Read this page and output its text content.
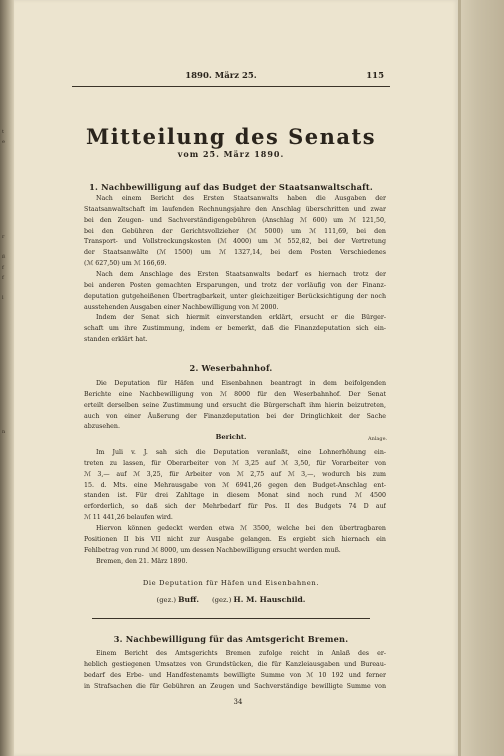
t
e
r
ß
f
f
l
n
1890. März 25.	115
Mitteilung des Senats
vom 25. März 1890.
1. Nachbewilligung auf das Budget der Staatsanwaltschaft.
Nach einem Bericht des Ersten Staatsanwalts haben die Ausgaben der
Staatsanwaltschaft im laufenden Rechnungsjahre den Anschlag überschritten und zwar
bei den Zeugen- und Sachverständigengebühren (Anschlag ℳ 600) um ℳ 121,50,
bei den Gebühren der Gerichtsvollzieher (ℳ 5000) um ℳ 111,69, bei den
Transport- und Vollstreckungskosten (ℳ 4000) um ℳ 552,82, bei der Vertretung
der Staatsanwälte (ℳ 1500) um ℳ 1327,14, bei dem Posten Verschiedenes
(ℳ 627,50) um ℳ 166,69.
Nach dem Anschlage des Ersten Staatsanwalts bedarf es hiernach trotz der
bei anderen Posten gemachten Ersparungen, und trotz der vorläufig von der Finanz-
deputation gutgeheißenen Übertragbarkeit, unter gleichzeitiger Berücksichtigung der noch
ausstehenden Ausgaben einer Nachbewilligung von ℳ 2000.
Indem der Senat sich hiermit einverstanden erklärt, ersucht er die Bürger-
schaft um ihre Zustimmung, indem er bemerkt, daß die Finanzdeputation sich ein-
standen erklärt hat.
2. Weserbahnhof.
Die Deputation für Häfen und Eisenbahnen beantragt in dem beifolgenden
Berichte eine Nachbewilligung von ℳ 8000 für den Weserbahnhof. Der Senat
erteilt derselben seine Zustimmung und ersucht die Bürgerschaft ihm hierin beizutreten,
auch von einer Äußerung der Finanzdeputation bei der Dringlichkeit der Sache
abzusehen.
Bericht.	Anlage.
Im Juli v. J. sah sich die Deputation veranlaßt, eine Lohnerhöhung ein-
treten zu lassen, für Oberarbeiter von ℳ 3,25 auf ℳ 3,50, für Vorarbeiter von
ℳ 3,— auf ℳ 3,25, für Arbeiter von ℳ 2,75 auf ℳ 3,—, wodurch bis zum
15. d. Mts. eine Mehrausgabe von ℳ 6941,26 gegen den Budget-Anschlag ent-
standen ist. Für drei Zahltage in diesem Monat sind noch rund ℳ 4500
erforderlich, so daß sich der Mehrbedarf für Pos. II des Budgets 74 D auf
ℳ 11 441,26 belaufen wird.
Hiervon können gedeckt werden etwa ℳ 3500, welche bei den übertragbaren
Positionen II bis VII nicht zur Ausgabe gelangen. Es ergiebt sich hiernach ein
Fehlbetrag von rund ℳ 8000, um dessen Nachbewilligung ersucht werden muß.
Bremen, den 21. März 1890.
Die Deputation für Häfen und Eisenbahnen.
(gez.) Buff. (gez.) H. M. Hauschild.
3. Nachbewilligung für das Amtsgericht Bremen.
Einem Bericht des Amtsgerichts Bremen zufolge reicht in Anlaß des er-
heblich gestiegenen Umsatzes von Grundstücken, die für Kanzleiausgaben und Bureau-
bedarf des Erbe- und Handfestenamts bewilligte Summe von ℳ 10 192 und ferner
in Strafsachen die für Gebühren an Zeugen und Sachverständige bewilligte Summe von
34
